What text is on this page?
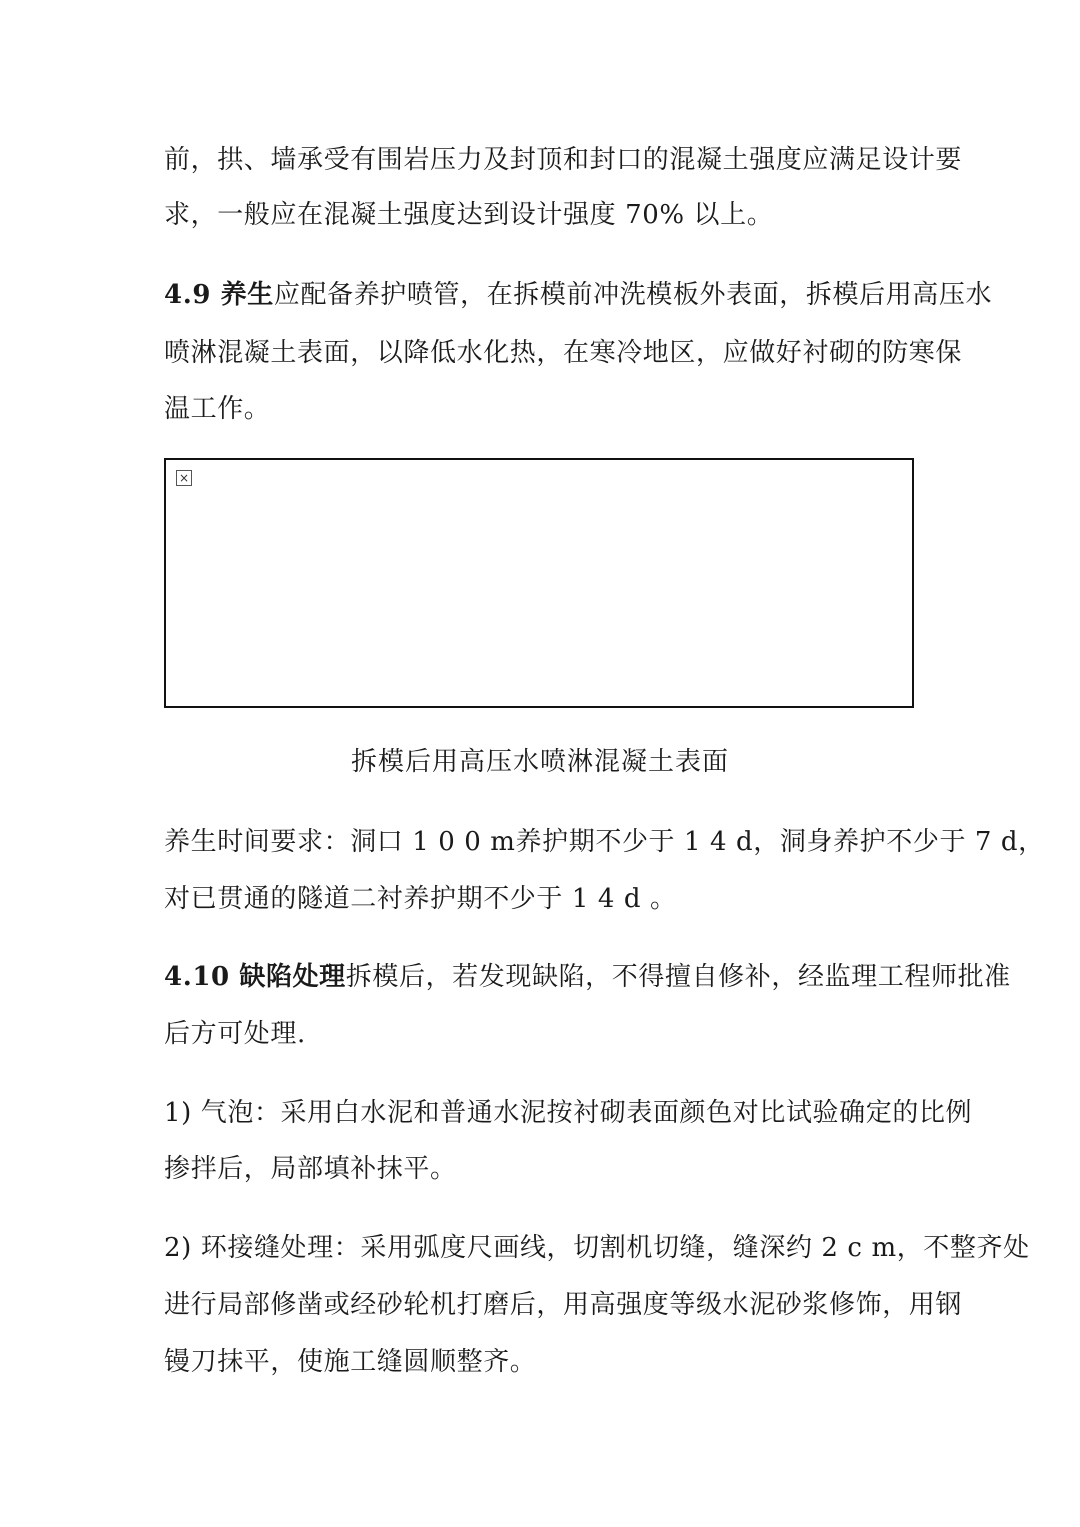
前，拱、墙承受有围岩压力及封顶和封口的混凝土强度应满足设计要
求，一般应在混凝土强度达到设计强度 70% 以上。
4.9 养生应配备养护喷管，在拆模前冲洗模板外表面，拆模后用高压水
喷淋混凝土表面，以降低水化热，在寒冷地区，应做好衬砌的防寒保
温工作。
×
拆模后用高压水喷淋混凝土表面
养生时间要求：洞口 1 0 0 m养护期不少于 1 4 d，洞身养护不少于 7 d，
对已贯通的隧道二衬养护期不少于 1 4 d 。
4.10 缺陷处理拆模后，若发现缺陷，不得擅自修补，经监理工程师批准
后方可处理.
1) 气泡：采用白水泥和普通水泥按衬砌表面颜色对比试验确定的比例
掺拌后，局部填补抹平。
2) 环接缝处理：采用弧度尺画线，切割机切缝，缝深约 2 c m，不整齐处
进行局部修凿或经砂轮机打磨后，用高强度等级水泥砂浆修饰，用钢
镘刀抹平，使施工缝圆顺整齐。
